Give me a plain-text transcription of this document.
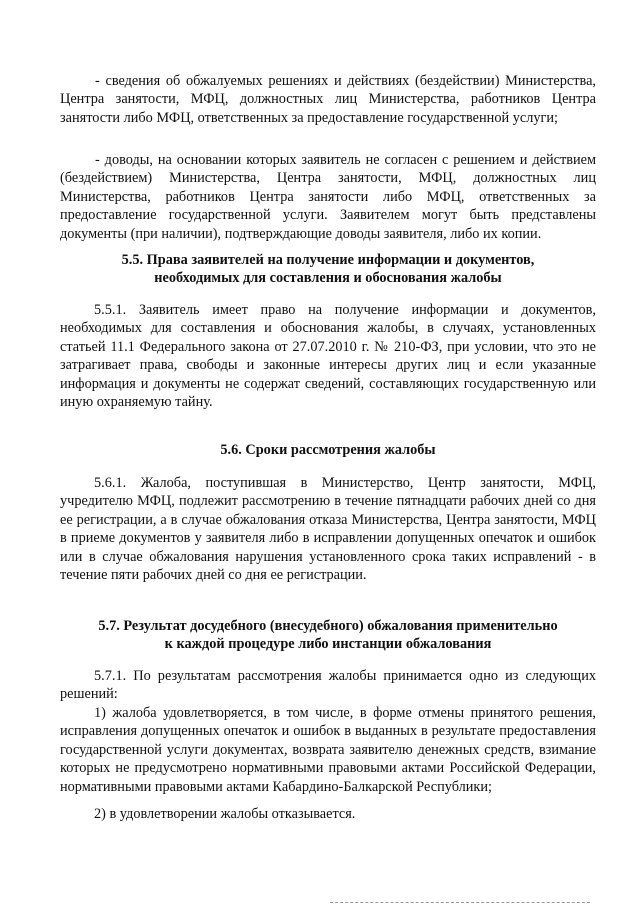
- сведения об обжалуемых решениях и действиях (бездействии) Министерства, Центра занятости, МФЦ, должностных лиц Министерства, работников Центра занятости либо МФЦ, ответственных за предоставление государственной услуги;

- доводы, на основании которых заявитель не согласен с решением и действием (бездействием) Министерства, Центра занятости, МФЦ, должностных лиц Министерства, работников Центра занятости либо МФЦ, ответственных за предоставление государственной услуги. Заявителем могут быть представлены документы (при наличии), подтверждающие доводы заявителя, либо их копии.

5.5. Права заявителей на получение информации и документов,

необходимых для составления и обоснования жалобы

5.5.1. Заявитель имеет право на получение информации и документов, необходимых для составления и обоснования жалобы, в случаях, установленных статьей 11.1 Федерального закона от 27.07.2010 г. № 210-ФЗ, при условии, что это не затрагивает права, свободы и законные интересы других лиц и если указанные информация и документы не содержат сведений, составляющих государственную или иную охраняемую тайну.

5.6. Сроки рассмотрения жалобы

5.6.1. Жалоба, поступившая в Министерство, Центр занятости, МФЦ, учредителю МФЦ, подлежит рассмотрению в течение пятнадцати рабочих дней со дня ее регистрации, а в случае обжалования отказа Министерства, Центра занятости, МФЦ в приеме документов у заявителя либо в исправлении допущенных опечаток и ошибок или в случае обжалования нарушения установленного срока таких исправлений - в течение пяти рабочих дней со дня ее регистрации.

5.7. Результат досудебного (внесудебного) обжалования применительно

к каждой процедуре либо инстанции обжалования

5.7.1. По результатам рассмотрения жалобы принимается одно из следующих решений:

1) жалоба удовлетворяется, в том числе, в форме отмены принятого решения, исправления допущенных опечаток и ошибок в выданных в результате предоставления государственной услуги документах, возврата заявителю денежных средств, взимание которых не предусмотрено нормативными правовыми актами Российской Федерации, нормативными правовыми актами Кабардино-Балкарской Республики;

2) в удовлетворении жалобы отказывается.
